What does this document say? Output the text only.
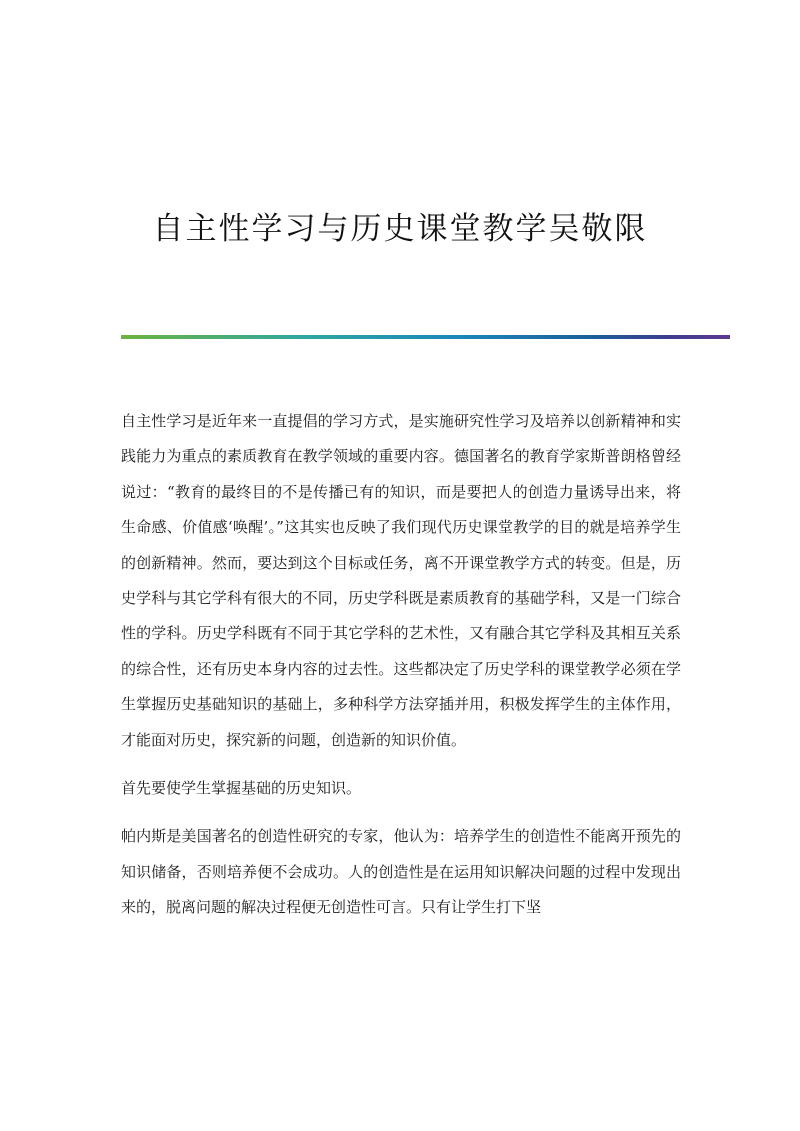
自主性学习与历史课堂教学吴敬限

自主性学习是近年来一直提倡的学习方式，是实施研究性学习及培养以创新精神和实践能力为重点的素质教育在教学领域的重要内容。德国著名的教育学家斯普朗格曾经说过：“教育的最终目的不是传播已有的知识，而是要把人的创造力量诱导出来，将生命感、价值感‘唤醒’。”这其实也反映了我们现代历史课堂教学的目的就是培养学生的创新精神。然而，要达到这个目标或任务，离不开课堂教学方式的转变。但是，历史学科与其它学科有很大的不同，历史学科既是素质教育的基础学科，又是一门综合性的学科。历史学科既有不同于其它学科的艺术性，又有融合其它学科及其相互关系的综合性，还有历史本身内容的过去性。这些都决定了历史学科的课堂教学必须在学生掌握历史基础知识的基础上，多种科学方法穿插并用，积极发挥学生的主体作用，才能面对历史，探究新的问题，创造新的知识价值。

首先要使学生掌握基础的历史知识。

帕内斯是美国著名的创造性研究的专家，他认为：培养学生的创造性不能离开预先的知识储备，否则培养便不会成功。人的创造性是在运用知识解决问题的过程中发现出来的，脱离问题的解决过程便无创造性可言。只有让学生打下坚
